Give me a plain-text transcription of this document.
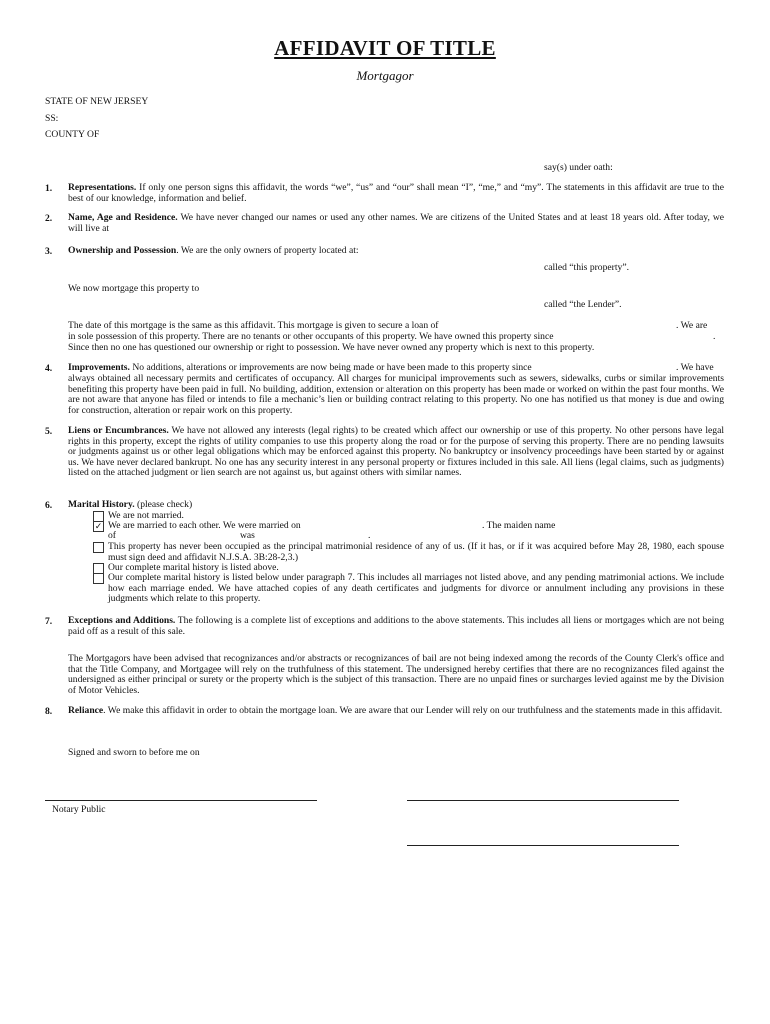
AFFIDAVIT OF TITLE
Mortgagor
STATE OF NEW JERSEY
SS:
COUNTY OF
say(s) under oath:
1.	Representations. If only one person signs this affidavit, the words “we”, “us” and “our” shall mean “I”, “me,” and “my”. The statements in this affidavit are true to the best of our knowledge, information and belief.
2.	Name, Age and Residence. We have never changed our names or used any other names. We are citizens of the United States and at least 18 years old. After today, we will live at
3.	Ownership and Possession. We are the only owners of property located at:
called “this property”.
We now mortgage this property to
called “the Lender”.
The date of this mortgage is the same as this affidavit. This mortgage is given to secure a loan of	. We are
in sole possession of this property. There are no tenants or other occupants of this property. We have owned this property since	.
Since then no one has questioned our ownership or right to possession. We have never owned any property which is next to this property.
4.	Improvements. No additions, alterations or improvements are now being made or have been made to this property since	. We have
always obtained all necessary permits and certificates of occupancy. All charges for municipal improvements such as sewers, sidewalks, curbs or similar improvements benefiting this property have been paid in full. No building, addition, extension or alteration on this property has been made or worked on within the past four months. We are not aware that anyone has filed or intends to file a mechanic’s lien or building contract relating to this property. No one has notified us that money is due and owing for construction, alteration or repair work on this property.
5.	Liens or Encumbrances. We have not allowed any interests (legal rights) to be created which affect our ownership or use of this property. No other persons have legal rights in this property, except the rights of utility companies to use this property along the road or for the purpose of serving this property. There are no pending lawsuits or judgments against us or other legal obligations which may be enforced against this property. No bankruptcy or insolvency proceedings have been started by or against us. We have never declared bankrupt. No one has any security interest in any personal property or fixtures included in this sale. All liens (legal claims, such as judgments) listed on the attached judgment or lien search are not against us, but against others with similar names.
6.	Marital History. (please check)
We are not married.
✓ We are married to each other. We were married on	. The maiden name
of	was	.
This property has never been occupied as the principal matrimonial residence of any of us. (If it has, or if it was acquired before May 28, 1980, each spouse must sign deed and affidavit N.J.S.A. 3B:28-2,3.)
Our complete marital history is listed above.
Our complete marital history is listed below under paragraph 7. This includes all marriages not listed above, and any pending matrimonial actions. We include how each marriage ended. We have attached copies of any death certificates and judgments for divorce or annulment including any provisions in these judgments which relate to this property.
7.	Exceptions and Additions. The following is a complete list of exceptions and additions to the above statements. This includes all liens or mortgages which are not being paid off as a result of this sale.
The Mortgagors have been advised that recognizances and/or abstracts or recognizances of bail are not being indexed among the records of the County Clerk's office and that the Title Company, and Mortgagee will rely on the truthfulness of this statement. The undersigned hereby certifies that there are no recognizances filed against the undersigned as either principal or surety or the property which is the subject of this transaction. There are no unpaid fines or surcharges levied against me by the Division of Motor Vehicles.
8.	Reliance. We make this affidavit in order to obtain the mortgage loan. We are aware that our Lender will rely on our truthfulness and the statements made in this affidavit.
Signed and sworn to before me on
Notary Public
